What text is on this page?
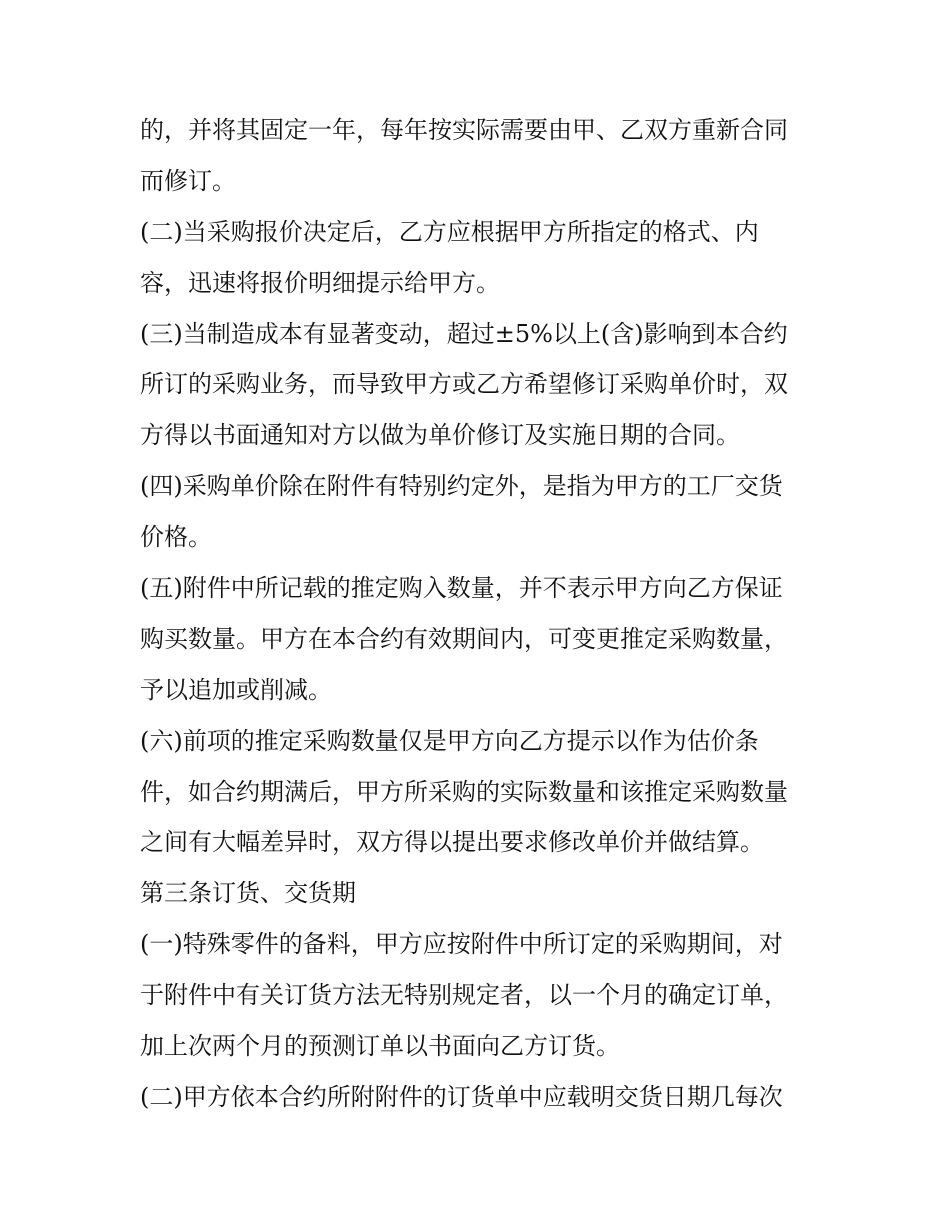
的，并将其固定一年，每年按实际需要由甲、乙双方重新合同
而修订。
(二)当采购报价决定后，乙方应根据甲方所指定的格式、内
容，迅速将报价明细提示给甲方。
(三)当制造成本有显著变动，超过±5%以上(含)影响到本合约
所订的采购业务，而导致甲方或乙方希望修订采购单价时，双
方得以书面通知对方以做为单价修订及实施日期的合同。
(四)采购单价除在附件有特别约定外，是指为甲方的工厂交货
价格。
(五)附件中所记载的推定购入数量，并不表示甲方向乙方保证
购买数量。甲方在本合约有效期间内，可变更推定采购数量，
予以追加或削减。
(六)前项的推定采购数量仅是甲方向乙方提示以作为估价条
件，如合约期满后，甲方所采购的实际数量和该推定采购数量
之间有大幅差异时，双方得以提出要求修改单价并做结算。
第三条订货、交货期
(一)特殊零件的备料，甲方应按附件中所订定的采购期间，对
于附件中有关订货方法无特别规定者，以一个月的确定订单，
加上次两个月的预测订单以书面向乙方订货。
(二)甲方依本合约所附附件的订货单中应载明交货日期几每次
